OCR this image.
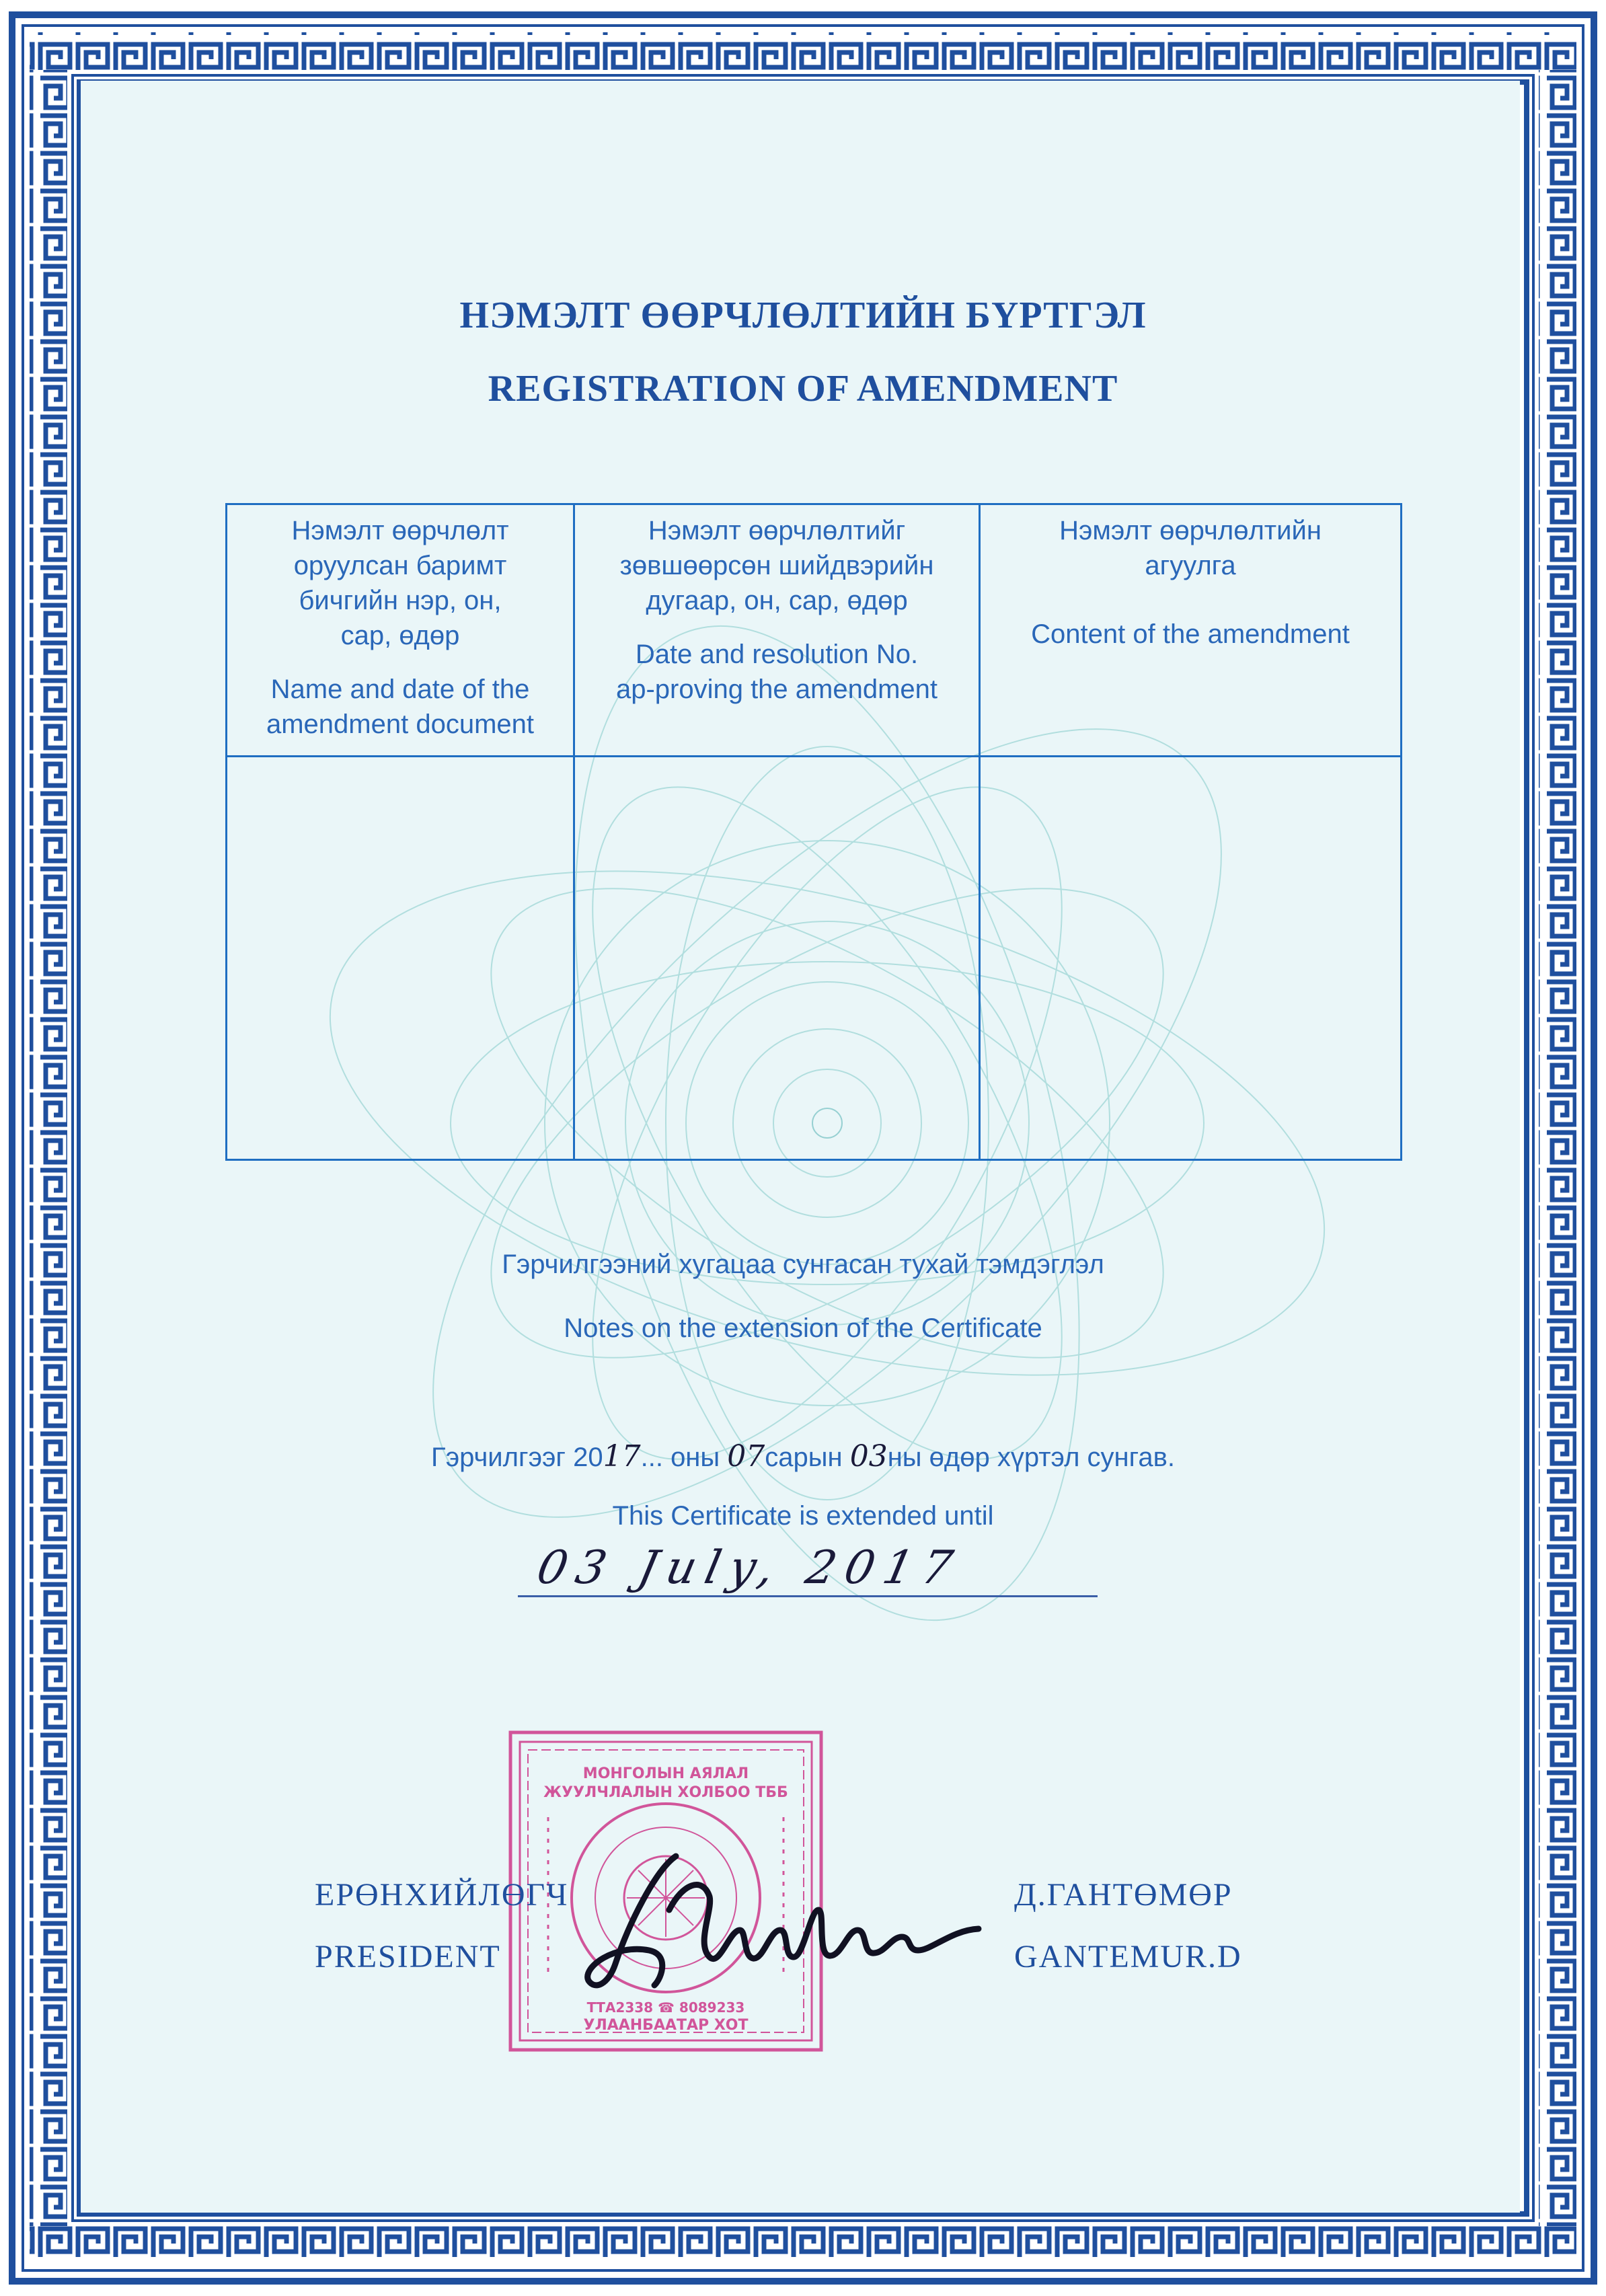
НЭМЭЛТ ӨӨРЧЛӨЛТИЙН БҮРТГЭЛ
REGISTRATION OF AMENDMENT
Нэмэлт өөрчлөлт
оруулсан баримт
бичгийн нэр, он,
сар, өдөр
Name and date of the
amendment document
Нэмэлт өөрчлөлтийг
зөвшөөрсөн шийдвэрийн
дугаар, он, сар, өдөр
Date and resolution No.
ap-proving the amendment
Нэмэлт өөрчлөлтийн
агуулга
Content of the amendment
Гэрчилгээний хугацаа сунгасан тухай тэмдэглэл
Notes on the extension of the Certificate
Гэрчилгээг 2017... оны 07сарын 03ны өдөр хүртэл сунгав.
This Certificate is extended until
03 July, 2017
МОНГОЛЫН АЯЛАЛ
ЖУУЛЧЛАЛЫН ХОЛБОО ТББ
ТТА2338 ☎ 8089233
УЛААНБААТАР ХОТ
ЕРӨНХИЙЛӨГЧ
PRESIDENT
Д.ГАНТӨМӨР
GANTEMUR.D
